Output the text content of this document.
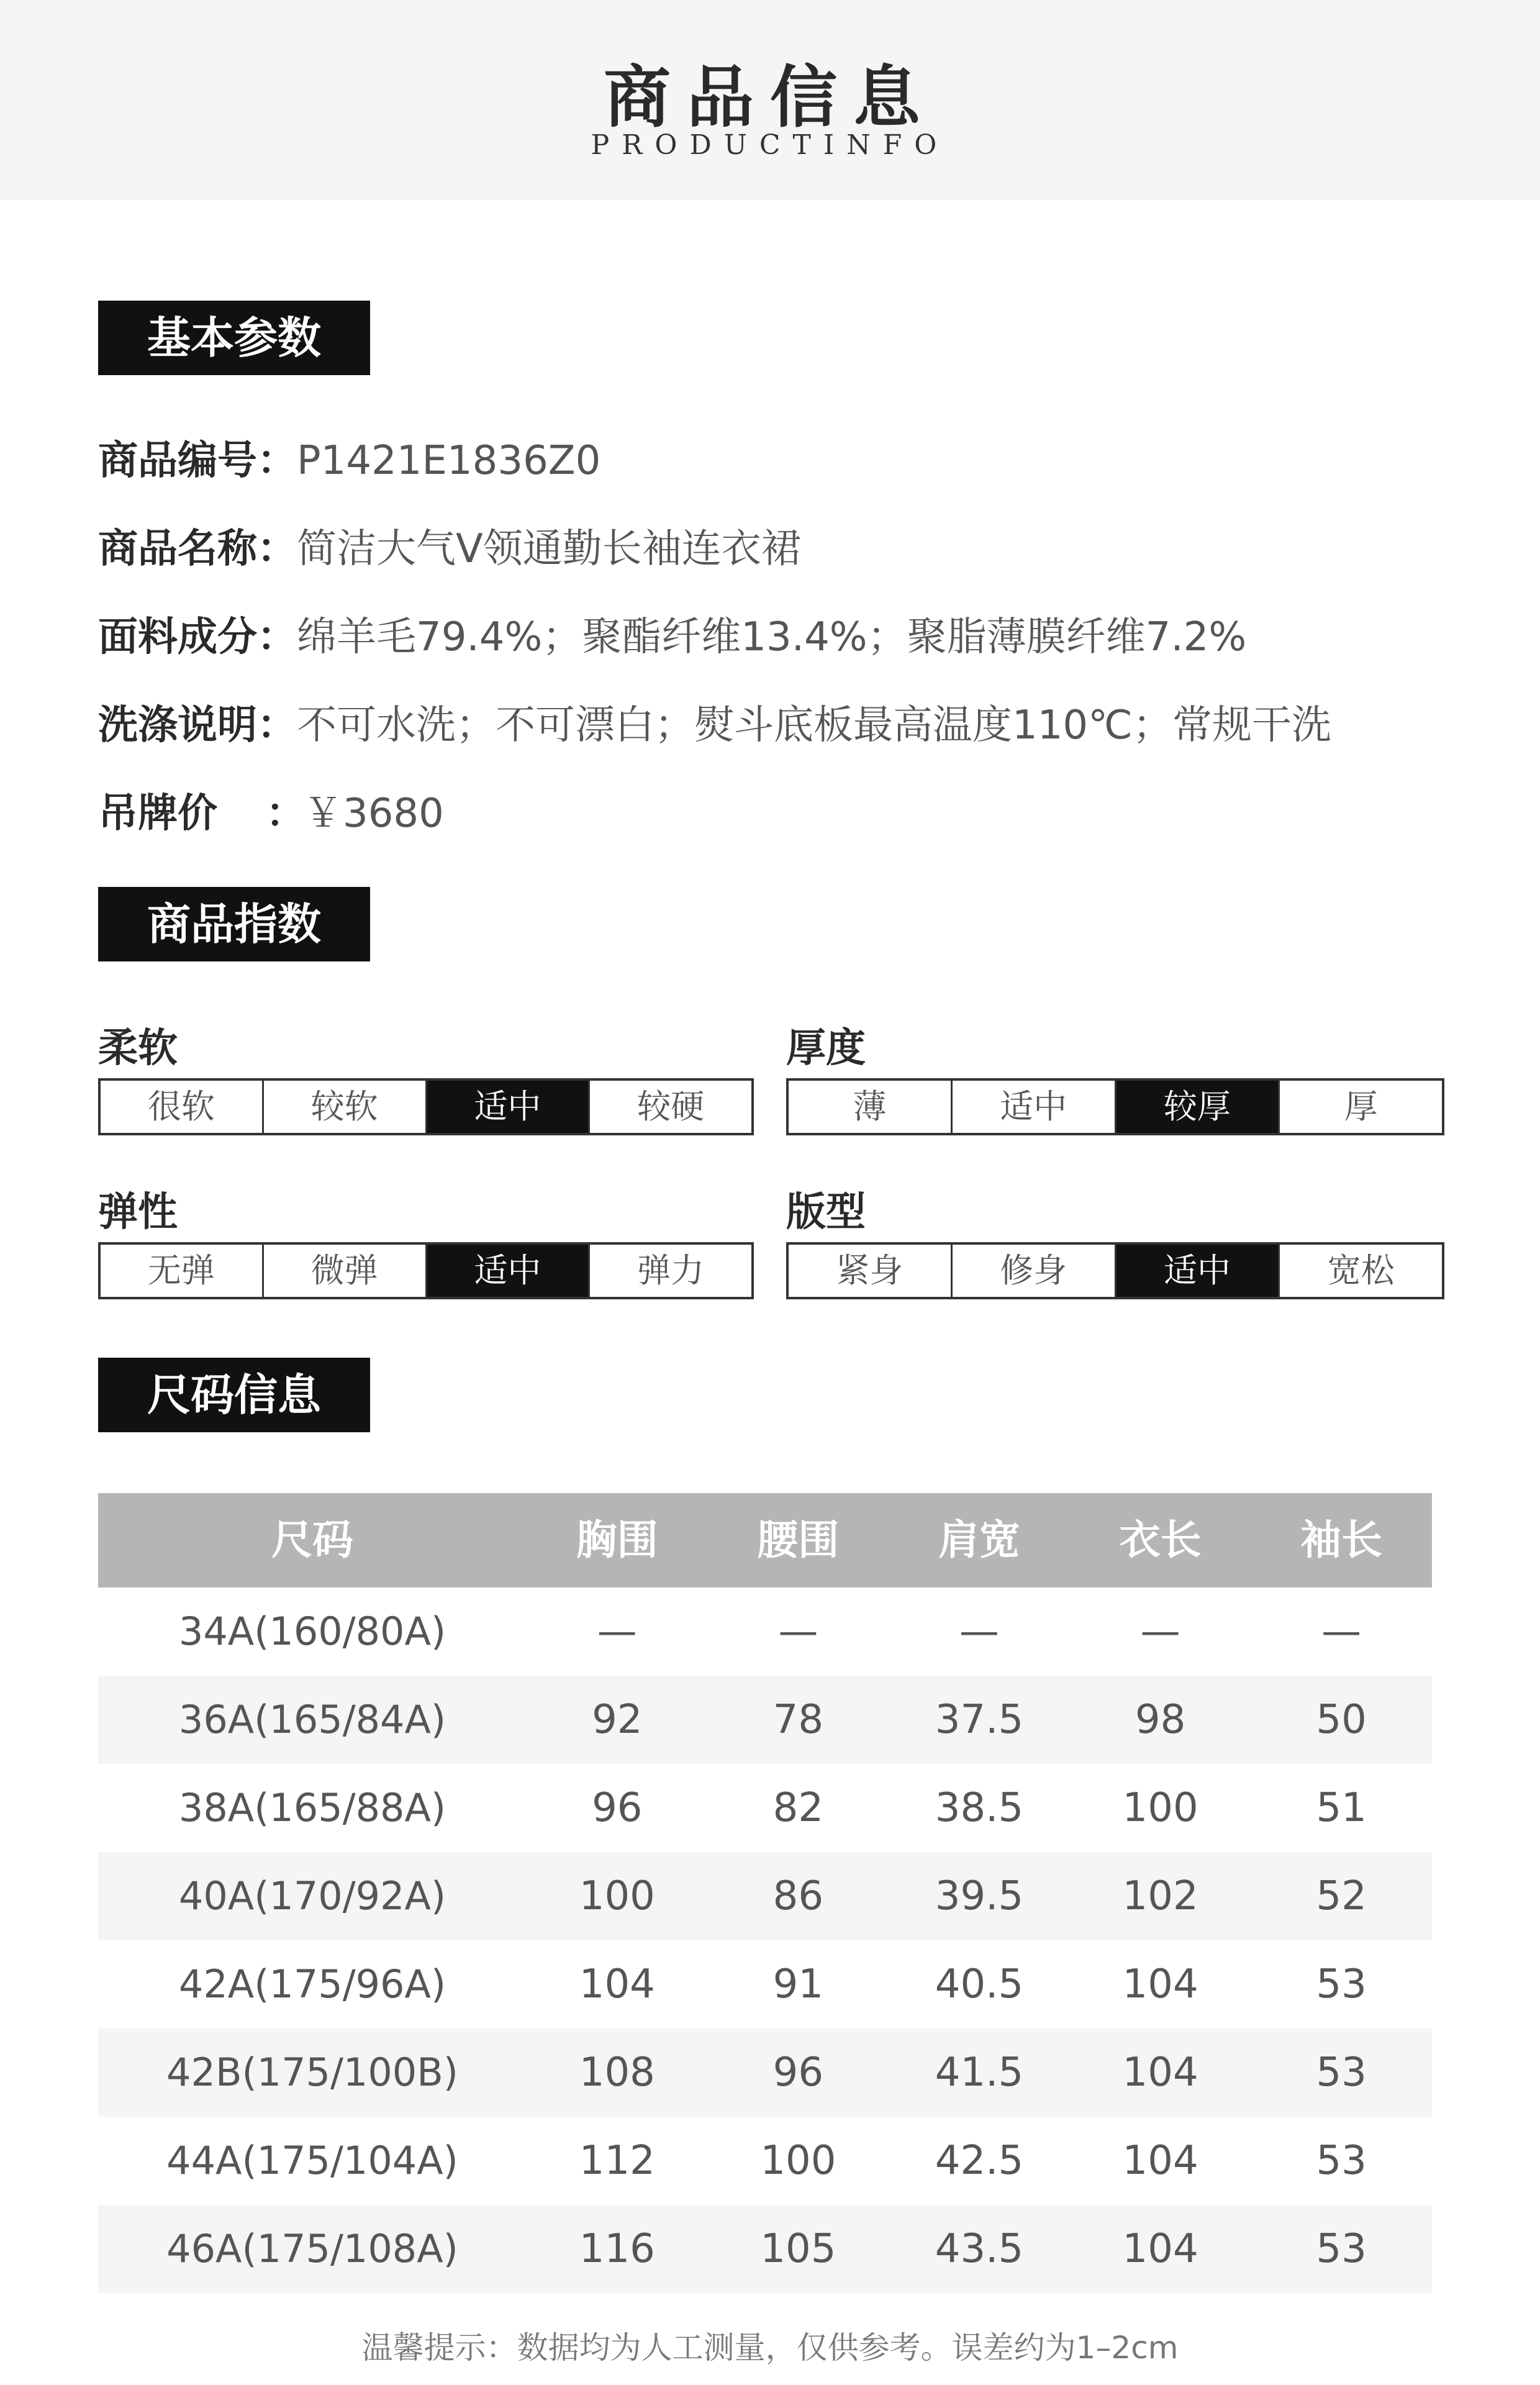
商品信息
PRODUCTINFO
基本参数
商品编号：P1421E1836Z0
商品名称：简洁大气V领通勤长袖连衣裙
面料成分：绵羊毛79.4%；聚酯纤维13.4%；聚脂薄膜纤维7.2%
洗涤说明：不可水洗；不可漂白；熨斗底板最高温度110℃；常规干洗
吊牌价 ：￥3680
商品指数
柔软
很软	较软	适中	较硬
厚度
薄	适中	较厚	厚
弹性
无弹	微弹	适中	弹力
版型
紧身	修身	适中	宽松
尺码信息
尺码	胸围	腰围	肩宽	衣长	袖长
34A(160/80A)	—	—	—	—	—
36A(165/84A)	92	78	37.5	98	50
38A(165/88A)	96	82	38.5	100	51
40A(170/92A)	100	86	39.5	102	52
42A(175/96A)	104	91	40.5	104	53
42B(175/100B)	108	96	41.5	104	53
44A(175/104A)	112	100	42.5	104	53
46A(175/108A)	116	105	43.5	104	53
温馨提示：数据均为人工测量，仅供参考。误差约为1–2cm
